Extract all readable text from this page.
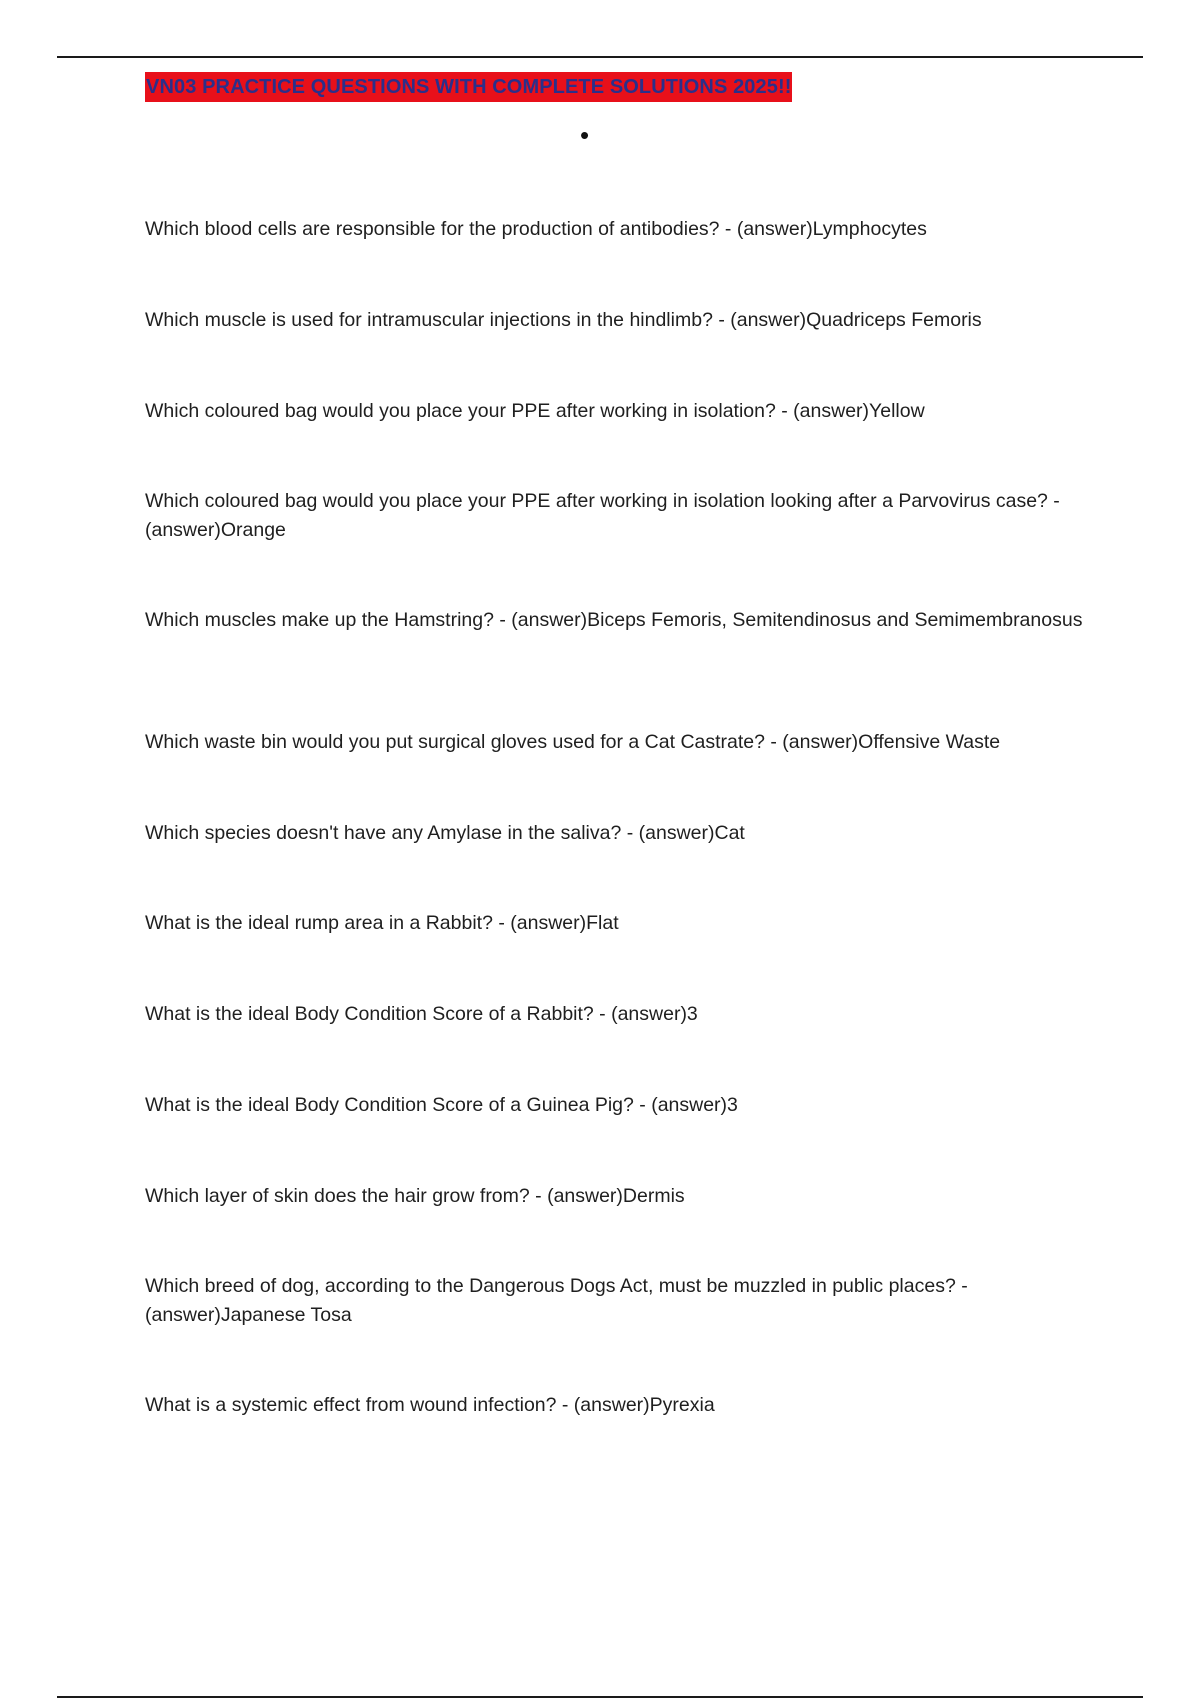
VN03 PRACTICE QUESTIONS WITH COMPLETE SOLUTIONS 2025!!
•
Which blood cells are responsible for the production of antibodies? - (answer)Lymphocytes
Which muscle is used for intramuscular injections in the hindlimb? - (answer)Quadriceps Femoris
Which coloured bag would you place your PPE after working in isolation? - (answer)Yellow
Which coloured bag would you place your PPE after working in isolation looking after a Parvovirus case? - (answer)Orange
Which muscles make up the Hamstring? - (answer)Biceps Femoris, Semitendinosus and Semimembranosus
Which waste bin would you put surgical gloves used for a Cat Castrate? - (answer)Offensive Waste
Which species doesn't have any Amylase in the saliva? - (answer)Cat
What is the ideal rump area in a Rabbit? - (answer)Flat
What is the ideal Body Condition Score of a Rabbit? - (answer)3
What is the ideal Body Condition Score of a Guinea Pig? - (answer)3
Which layer of skin does the hair grow from? - (answer)Dermis
Which breed of dog, according to the Dangerous Dogs Act, must be muzzled in public places? - (answer)Japanese Tosa
What is a systemic effect from wound infection? - (answer)Pyrexia
